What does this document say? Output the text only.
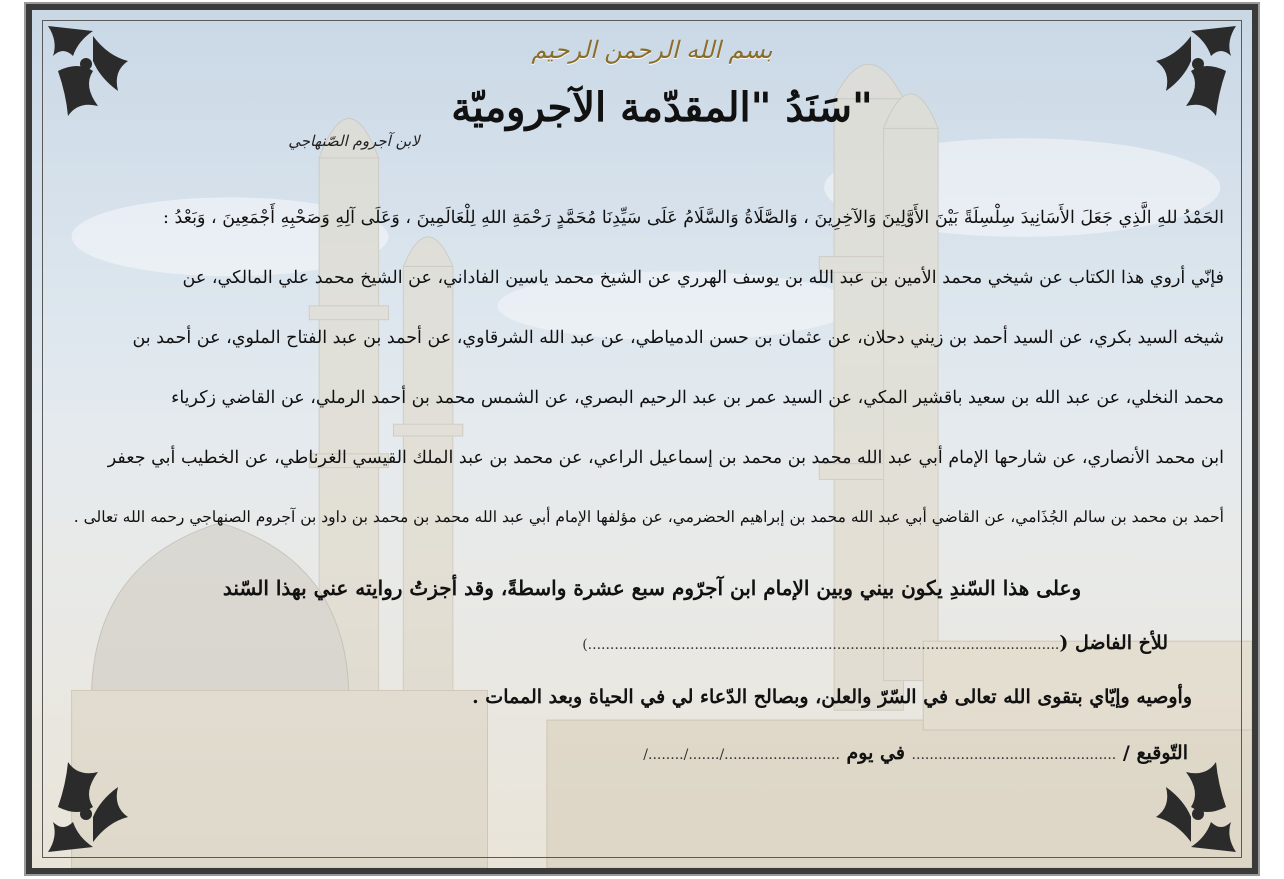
بسم الله الرحمن الرحيم
سَنَدُ "المقدّمة الآجروميّة"
لابن آجروم الصّنهاجي
الحَمْدُ للهِ الَّذِي جَعَلَ الأَسَانِيدَ سِلْسِلَةً بَيْنَ الأَوَّلِينَ وَالآخِرِينَ ، وَالصَّلَاةُ وَالسَّلَامُ عَلَى سَيِّدِنَا مُحَمَّدٍ رَحْمَةِ اللهِ لِلْعَالَمِينَ ، وَعَلَى آلِهِ وَصَحْبِهِ أَجْمَعِينَ ، وَبَعْدُ :
فإنّي أروي هذا الكتاب عن شيخي محمد الأمين بن عبد الله بن يوسف الهرري عن الشيخ محمد ياسين الفاداني، عن الشيخ محمد علي المالكي، عن
شيخه السيد بكري، عن السيد أحمد بن زيني دحلان، عن عثمان بن حسن الدمياطي، عن عبد الله الشرقاوي، عن أحمد بن عبد الفتاح الملوي، عن أحمد بن
محمد النخلي، عن عبد الله بن سعيد باقشير المكي، عن السيد عمر بن عبد الرحيم البصري، عن الشمس محمد بن أحمد الرملي، عن القاضي زكرياء
ابن محمد الأنصاري، عن شارحها الإمام أبي عبد الله محمد بن محمد بن إسماعيل الراعي، عن محمد بن عبد الملك القيسي الغرناطي، عن الخطيب أبي جعفر
أحمد بن محمد بن سالم الجُذَامي، عن القاضي أبي عبد الله محمد بن إبراهيم الحضرمي، عن مؤلفها الإمام أبي عبد الله محمد بن محمد بن داود بن آجروم الصنهاجي رحمه الله تعالى .
وعلى هذا السّندِ يكون بيني وبين الإمام ابن آجرّوم سبع عشرة واسطةً، وقد أجزتُ روايته عني بهذا السّند
للأخ الفاضل (..........................................................................................................)
وأوصيه وإيّاي بتقوى الله تعالى في السّرّ والعلن، وبصالح الدّعاء لي في الحياة وبعد الممات .
التّوقيع / .............................................. في يوم ........................../......./......../
